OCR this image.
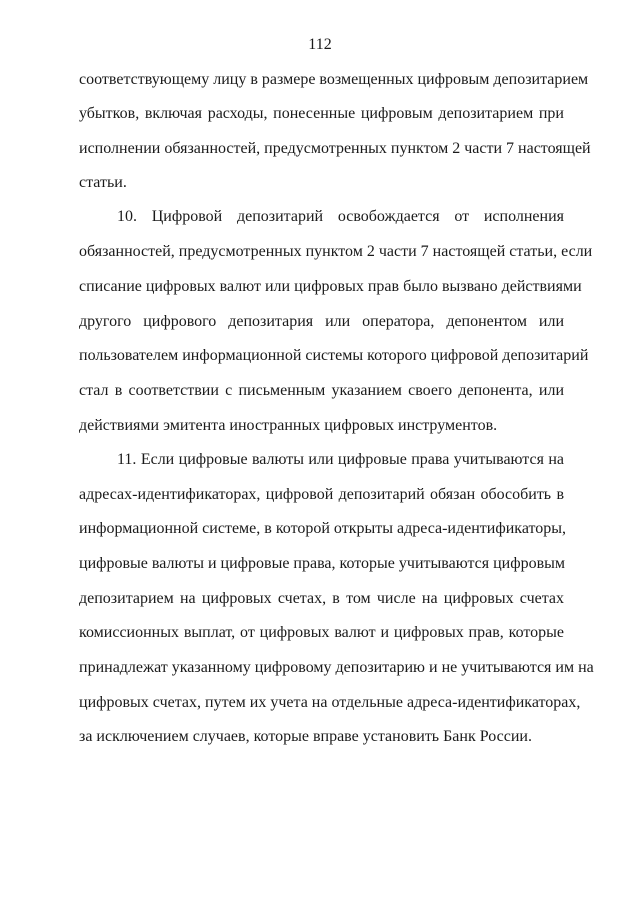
112
соответствующему лицу в размере возмещенных цифровым депозитарием
убытков, включая расходы, понесенные цифровым депозитарием при
исполнении обязанностей, предусмотренных пунктом 2 части 7 настоящей
статьи.
10. Цифровой депозитарий освобождается от исполнения
обязанностей, предусмотренных пунктом 2 части 7 настоящей статьи, если
списание цифровых валют или цифровых прав было вызвано действиями
другого цифрового депозитария или оператора, депонентом или
пользователем информационной системы которого цифровой депозитарий
стал в соответствии с письменным указанием своего депонента, или
действиями эмитента иностранных цифровых инструментов.
11. Если цифровые валюты или цифровые права учитываются на
адресах-идентификаторах, цифровой депозитарий обязан обособить в
информационной системе, в которой открыты адреса-идентификаторы,
цифровые валюты и цифровые права, которые учитываются цифровым
депозитарием на цифровых счетах, в том числе на цифровых счетах
комиссионных выплат, от цифровых валют и цифровых прав, которые
принадлежат указанному цифровому депозитарию и не учитываются им на
цифровых счетах, путем их учета на отдельные адреса-идентификаторах,
за исключением случаев, которые вправе установить Банк России.
